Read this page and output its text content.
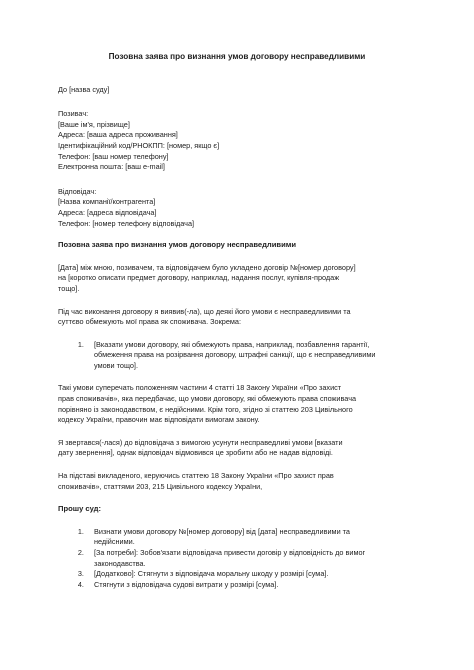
Позовна заява про визнання умов договору несправедливими
До [назва суду]
Позивач:
[Ваше ім'я, прізвище]
Адреса: [ваша адреса проживання]
Ідентифікаційний код/РНОКПП: [номер, якщо є]
Телефон: [ваш номер телефону]
Електронна пошта: [ваш e-mail]
Відповідач:
[Назва компанії/контрагента]
Адреса: [адреса відповідача]
Телефон: [номер телефону відповідача]
Позовна заява про визнання умов договору несправедливими
[Дата] між мною, позивачем, та відповідачем було укладено договір №[номер договору]
на [коротко описати предмет договору, наприклад, надання послуг, купівля-продаж
тощо].
Під час виконання договору я виявив(-ла), що деякі його умови є несправедливими та
суттєво обмежують мої права як споживача. Зокрема:
1. [Вказати умови договору, які обмежують права, наприклад, позбавлення гарантії,
обмеження права на розірвання договору, штрафні санкції, що є несправедливими
умови тощо].
Такі умови суперечать положенням частини 4 статті 18 Закону України «Про захист
прав споживачів», яка передбачає, що умови договору, які обмежують права споживача
порівняно із законодавством, є недійсними. Крім того, згідно зі статтею 203 Цивільного
кодексу України, правочин має відповідати вимогам закону.
Я звертався(-лася) до відповідача з вимогою усунути несправедливі умови [вказати
дату звернення], однак відповідач відмовився це зробити або не надав відповіді.
На підставі викладеного, керуючись статтею 18 Закону України «Про захист прав
споживачів», статтями 203, 215 Цивільного кодексу України,
Прошу суд:
1. Визнати умови договору №[номер договору] від [дата] несправедливими та
недійсними.
2. [За потреби]: Зобов'язати відповідача привести договір у відповідність до вимог
законодавства.
3. [Додатково]: Стягнути з відповідача моральну шкоду у розмірі [сума].
4. Стягнути з відповідача судові витрати у розмірі [сума].
